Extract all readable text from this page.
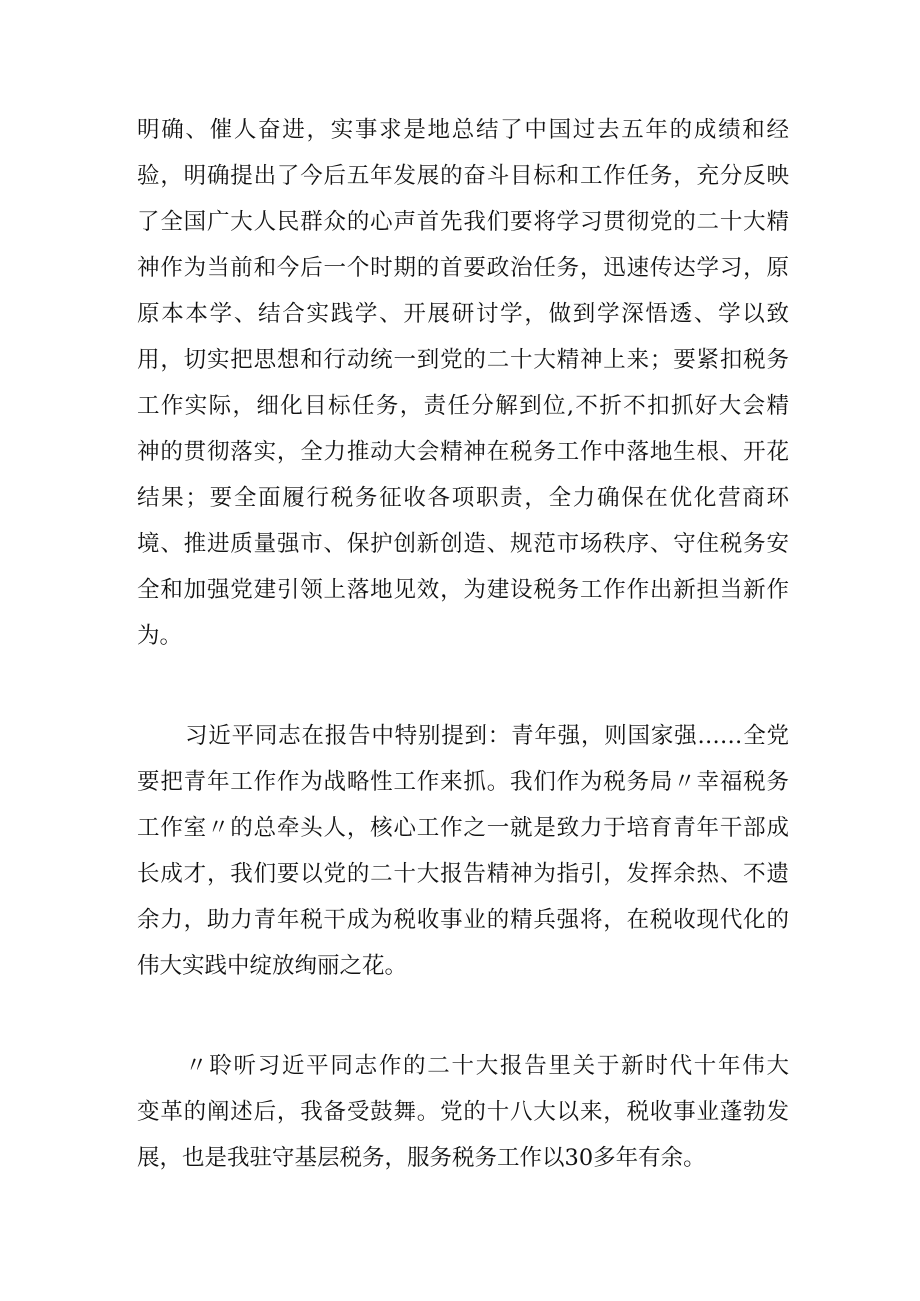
明确、催人奋进，实事求是地总结了中国过去五年的成绩和经

验，明确提出了今后五年发展的奋斗目标和工作任务，充分反映

了全国广大人民群众的心声首先我们要将学习贯彻党的二十大精

神作为当前和今后一个时期的首要政治任务，迅速传达学习，原

原本本学、结合实践学、开展研讨学，做到学深悟透、学以致

用，切实把思想和行动统一到党的二十大精神上来；要紧扣税务

工作实际，细化目标任务，责任分解到位,不折不扣抓好大会精

神的贯彻落实，全力推动大会精神在税务工作中落地生根、开花

结果；要全面履行税务征收各项职责，全力确保在优化营商环

境、推进质量强市、保护创新创造、规范市场秩序、守住税务安

全和加强党建引领上落地见效，为建设税务工作作出新担当新作

为。

习近平同志在报告中特别提到：青年强，则国家强……全党

要把青年工作作为战略性工作来抓。我们作为税务局〃幸福税务

工作室〃的总牵头人，核心工作之一就是致力于培育青年干部成

长成才，我们要以党的二十大报告精神为指引，发挥余热、不遗

余力，助力青年税干成为税收事业的精兵强将，在税收现代化的

伟大实践中绽放绚丽之花。

〃聆听习近平同志作的二十大报告里关于新时代十年伟大

变革的阐述后，我备受鼓舞。党的十八大以来，税收事业蓬勃发

展，也是我驻守基层税务，服务税务工作以30多年有余。
